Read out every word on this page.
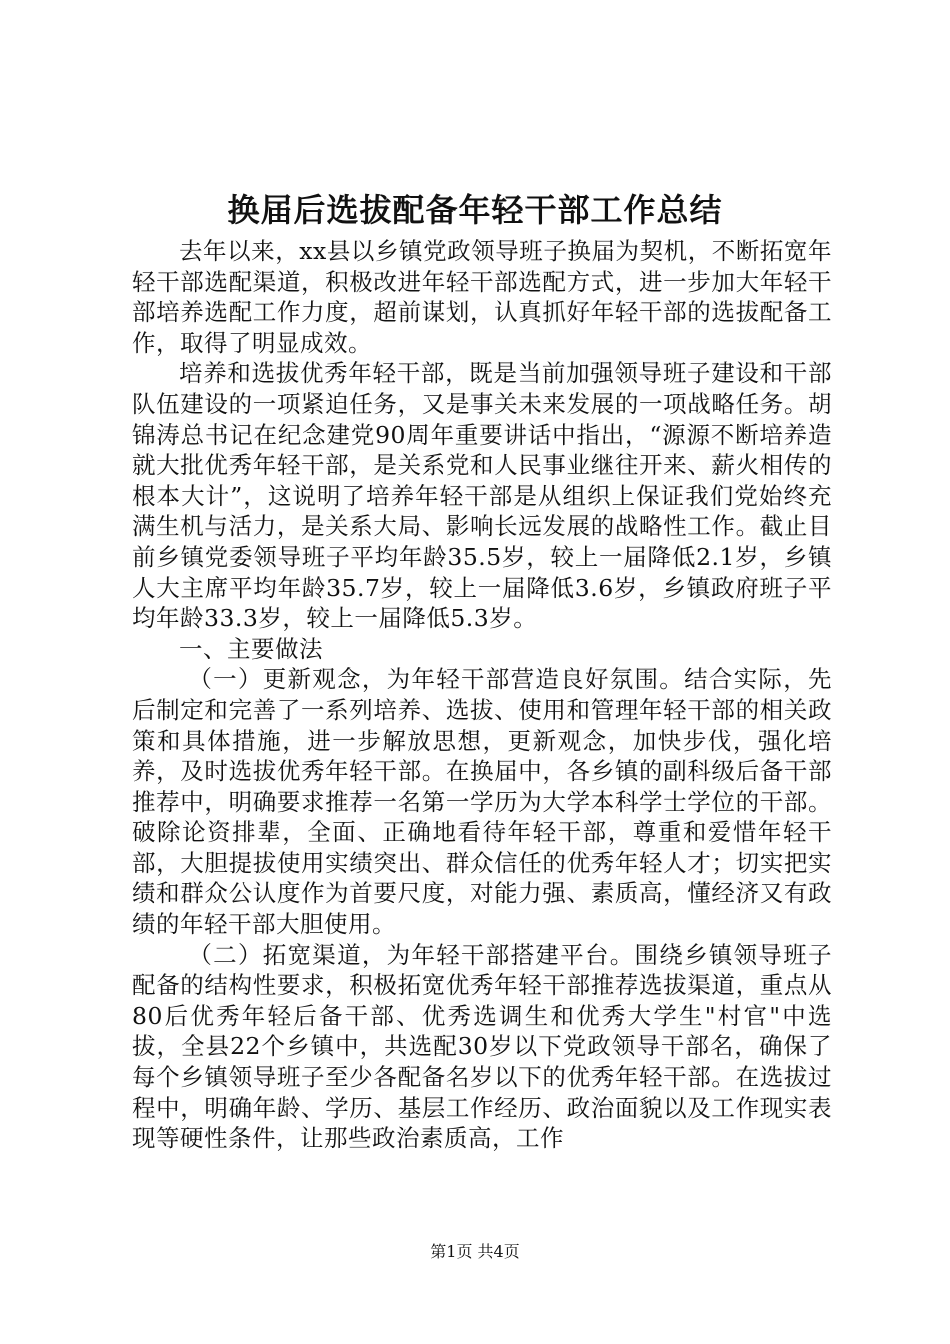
换届后选拔配备年轻干部工作总结

去年以来，xx县以乡镇党政领导班子换届为契机，不断拓宽年轻干部选配渠道，积极改进年轻干部选配方式，进一步加大年轻干部培养选配工作力度，超前谋划，认真抓好年轻干部的选拔配备工作，取得了明显成效。

培养和选拔优秀年轻干部，既是当前加强领导班子建设和干部队伍建设的一项紧迫任务，又是事关未来发展的一项战略任务。胡锦涛总书记在纪念建党90周年重要讲话中指出，“源源不断培养造就大批优秀年轻干部，是关系党和人民事业继往开来、薪火相传的根本大计”，这说明了培养年轻干部是从组织上保证我们党始终充满生机与活力，是关系大局、影响长远发展的战略性工作。截止目前乡镇党委领导班子平均年龄35.5岁，较上一届降低2.1岁，乡镇人大主席平均年龄35.7岁，较上一届降低3.6岁，乡镇政府班子平均年龄33.3岁，较上一届降低5.3岁。

一、主要做法

（一）更新观念，为年轻干部营造良好氛围。结合实际，先后制定和完善了一系列培养、选拔、使用和管理年轻干部的相关政策和具体措施，进一步解放思想，更新观念，加快步伐，强化培养，及时选拔优秀年轻干部。在换届中，各乡镇的副科级后备干部推荐中，明确要求推荐一名第一学历为大学本科学士学位的干部。破除论资排辈，全面、正确地看待年轻干部，尊重和爱惜年轻干部，大胆提拔使用实绩突出、群众信任的优秀年轻人才；切实把实绩和群众公认度作为首要尺度，对能力强、素质高，懂经济又有政绩的年轻干部大胆使用。

（二）拓宽渠道，为年轻干部搭建平台。围绕乡镇领导班子配备的结构性要求，积极拓宽优秀年轻干部推荐选拔渠道，重点从80后优秀年轻后备干部、优秀选调生和优秀大学生"村官"中选拔，全县22个乡镇中，共选配30岁以下党政领导干部名，确保了每个乡镇领导班子至少各配备名岁以下的优秀年轻干部。在选拔过程中，明确年龄、学历、基层工作经历、政治面貌以及工作现实表现等硬性条件，让那些政治素质高，工作

第1页 共4页
